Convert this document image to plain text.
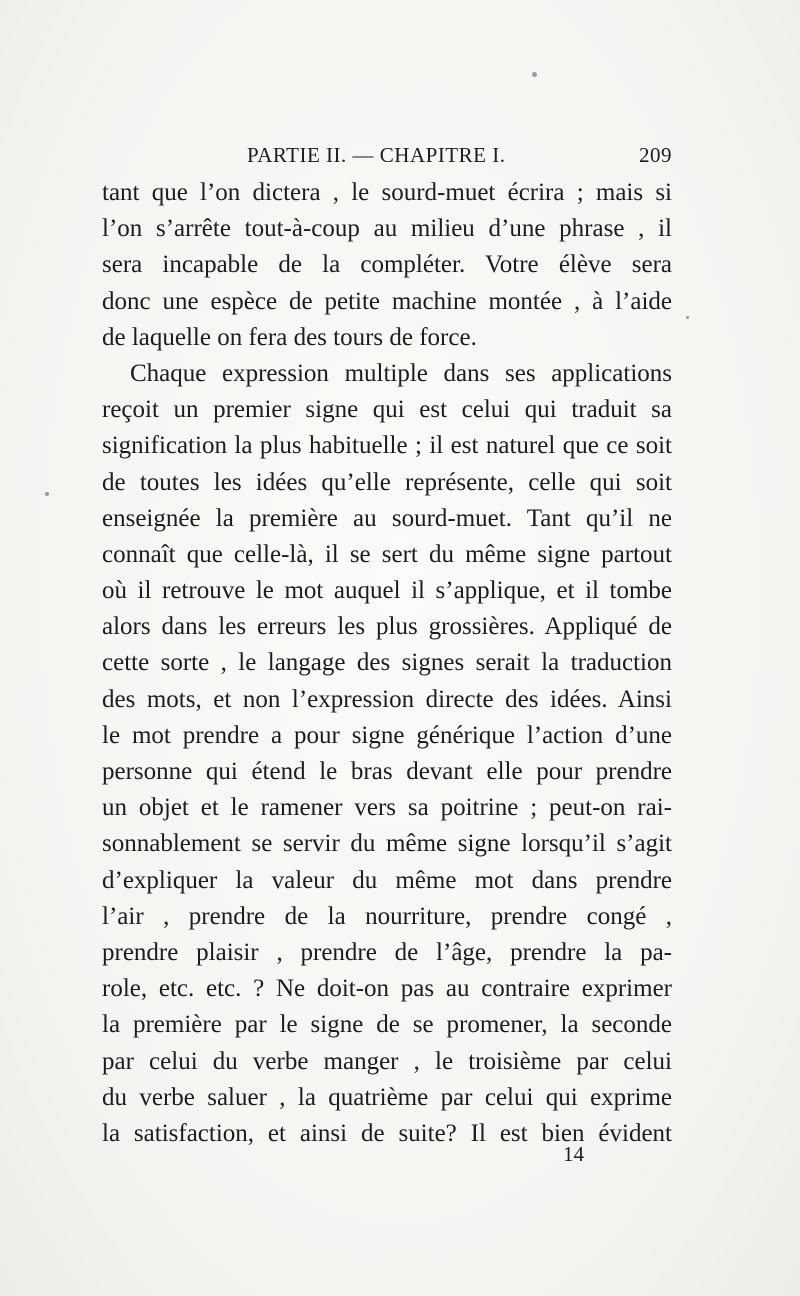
PARTIE II. — CHAPITRE I.	209
tant que l’on dictera , le sourd-muet écrira ; mais si
l’on s’arrête tout-à-coup au milieu d’une phrase , il
sera incapable de la compléter. Votre élève sera
donc une espèce de petite machine montée , à l’aide
de laquelle on fera des tours de force.
Chaque expression multiple dans ses applications
reçoit un premier signe qui est celui qui traduit sa
signification la plus habituelle ; il est naturel que ce soit
de toutes les idées qu’elle représente, celle qui soit
enseignée la première au sourd-muet. Tant qu’il ne
connaît que celle-là, il se sert du même signe partout
où il retrouve le mot auquel il s’applique, et il tombe
alors dans les erreurs les plus grossières. Appliqué de
cette sorte , le langage des signes serait la traduction
des mots, et non l’expression directe des idées. Ainsi
le mot prendre a pour signe générique l’action d’une
personne qui étend le bras devant elle pour prendre
un objet et le ramener vers sa poitrine ; peut-on rai-
sonnablement se servir du même signe lorsqu’il s’agit
d’expliquer la valeur du même mot dans prendre
l’air , prendre de la nourriture, prendre congé ,
prendre plaisir , prendre de l’âge, prendre la pa-
role, etc. etc. ? Ne doit-on pas au contraire exprimer
la première par le signe de se promener, la seconde
par celui du verbe manger , le troisième par celui
du verbe saluer , la quatrième par celui qui exprime
la satisfaction, et ainsi de suite? Il est bien évident
14
